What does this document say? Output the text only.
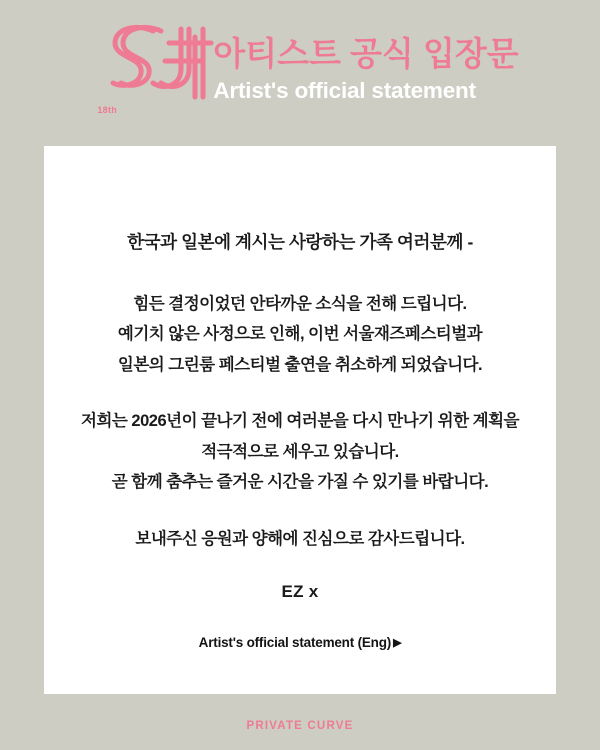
18th
아티스트 공식 입장문
Artist's official statement
한국과 일본에 계시는 사랑하는 가족 여러분께 -

힘든 결정이었던 안타까운 소식을 전해 드립니다.
예기치 않은 사정으로 인해, 이번 서울재즈페스티벌과
일본의 그린룸 페스티벌 출연을 취소하게 되었습니다.

저희는 2026년이 끝나기 전에 여러분을 다시 만나기 위한 계획을
적극적으로 세우고 있습니다.
곧 함께 춤추는 즐거운 시간을 가질 수 있기를 바랍니다.

보내주신 응원과 양해에 진심으로 감사드립니다.

EZ x
Artist's official statement (Eng) ▶
PRIVATE CURVE
